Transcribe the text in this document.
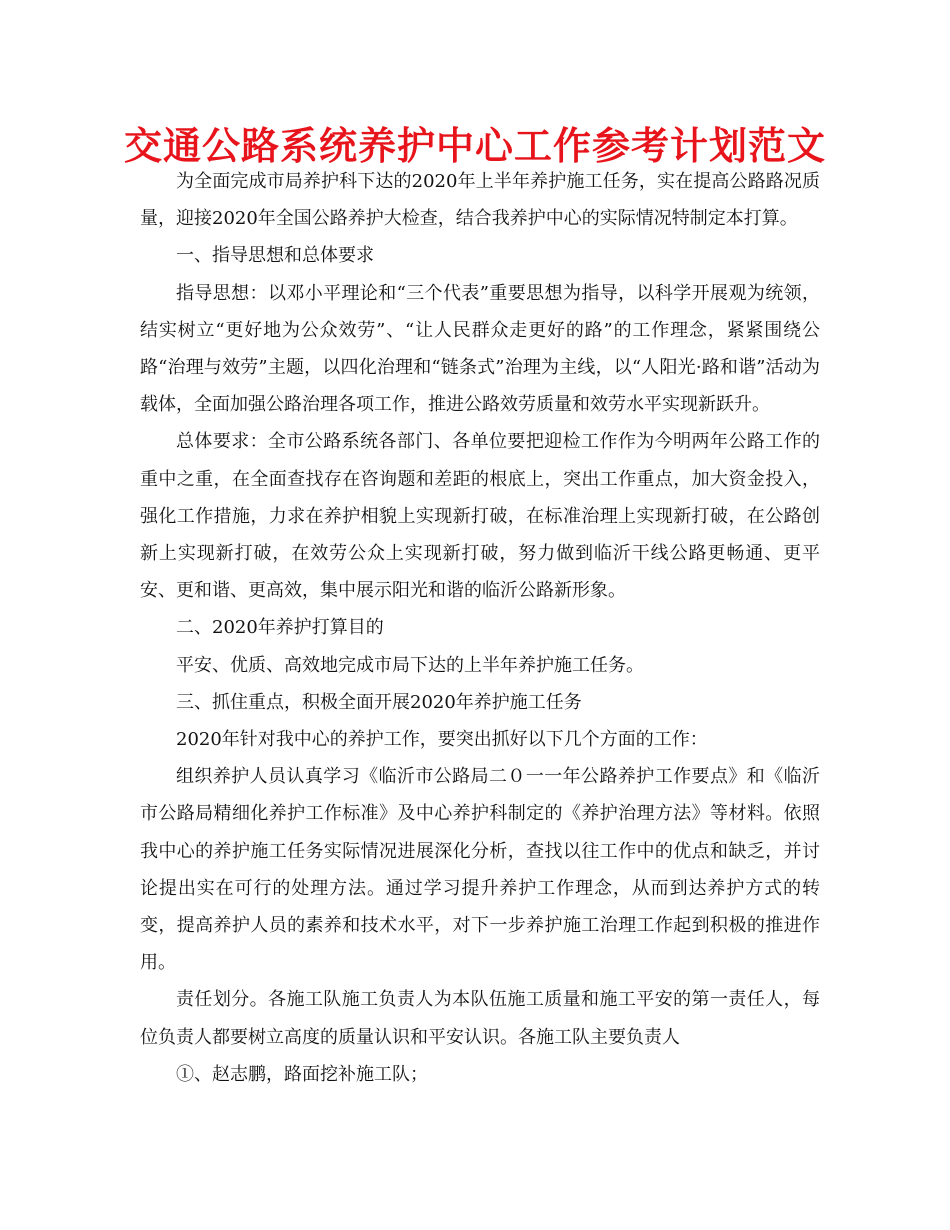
交通公路系统养护中心工作参考计划范文

为全面完成市局养护科下达的2020年上半年养护施工任务，实在提高公路路况质量，迎接2020年全国公路养护大检查，结合我养护中心的实际情况特制定本打算。

一、指导思想和总体要求

指导思想：以邓小平理论和“三个代表”重要思想为指导，以科学开展观为统领，结实树立“更好地为公众效劳”、“让人民群众走更好的路”的工作理念，紧紧围绕公路“治理与效劳”主题，以四化治理和“链条式”治理为主线，以“人阳光·路和谐”活动为载体，全面加强公路治理各项工作，推进公路效劳质量和效劳水平实现新跃升。

总体要求：全市公路系统各部门、各单位要把迎检工作作为今明两年公路工作的重中之重，在全面查找存在咨询题和差距的根底上，突出工作重点，加大资金投入，强化工作措施，力求在养护相貌上实现新打破，在标准治理上实现新打破，在公路创新上实现新打破，在效劳公众上实现新打破，努力做到临沂干线公路更畅通、更平安、更和谐、更高效，集中展示阳光和谐的临沂公路新形象。

二、2020年养护打算目的

平安、优质、高效地完成市局下达的上半年养护施工任务。

三、抓住重点，积极全面开展2020年养护施工任务

2020年针对我中心的养护工作，要突出抓好以下几个方面的工作：

组织养护人员认真学习《临沂市公路局二０一一年公路养护工作要点》和《临沂市公路局精细化养护工作标准》及中心养护科制定的《养护治理方法》等材料。依照我中心的养护施工任务实际情况进展深化分析，查找以往工作中的优点和缺乏，并讨论提出实在可行的处理方法。通过学习提升养护工作理念，从而到达养护方式的转变，提高养护人员的素养和技术水平，对下一步养护施工治理工作起到积极的推进作用。

责任划分。各施工队施工负责人为本队伍施工质量和施工平安的第一责任人，每位负责人都要树立高度的质量认识和平安认识。各施工队主要负责人

①、赵志鹏，路面挖补施工队；
